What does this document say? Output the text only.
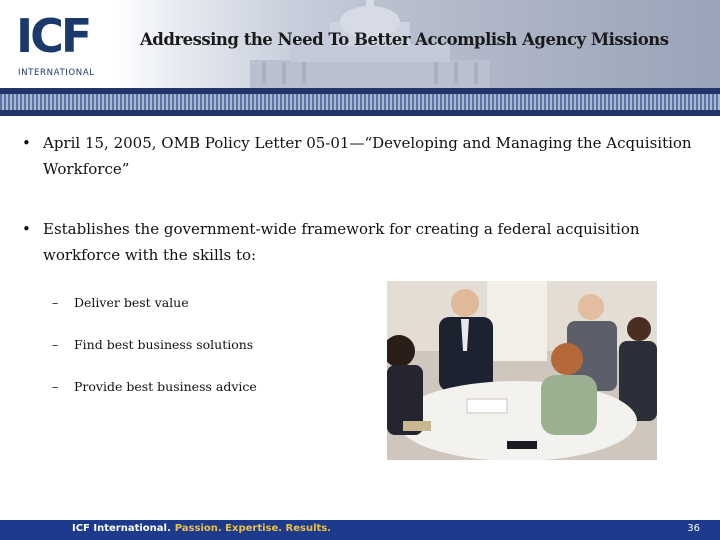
ICF
INTERNATIONAL
Addressing the Need To Better Accomplish Agency Missions
• April 15, 2005, OMB Policy Letter 05-01—“Developing and Managing the Acquisition Workforce”
• Establishes the government-wide framework for creating a federal acquisition workforce with the skills to:
– Deliver best value
– Find best business solutions
– Provide best business advice
ICF International. Passion. Expertise. Results.	36
